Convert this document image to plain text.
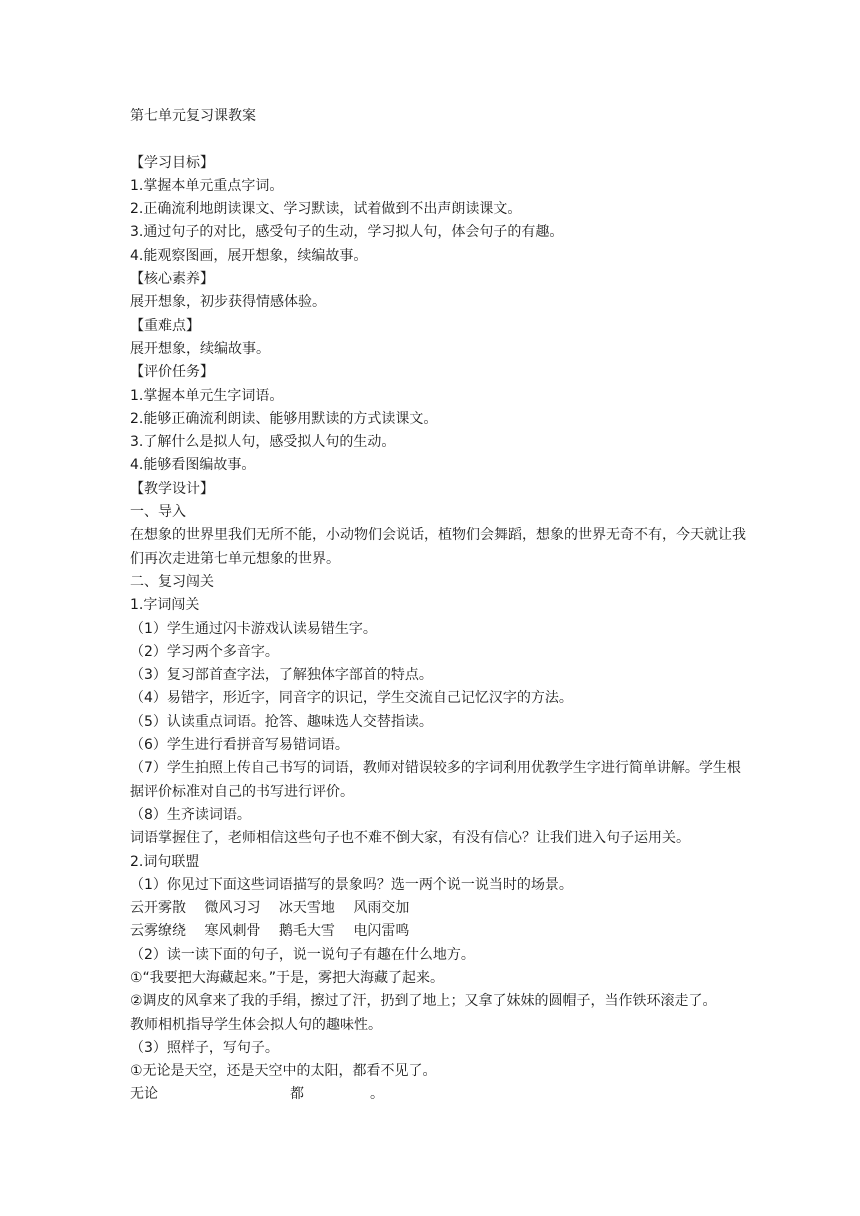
第七单元复习课教案
【学习目标】
1.掌握本单元重点字词。
2.正确流利地朗读课文、学习默读，试着做到不出声朗读课文。
3.通过句子的对比，感受句子的生动，学习拟人句，体会句子的有趣。
4.能观察图画，展开想象，续编故事。
【核心素养】
展开想象，初步获得情感体验。
【重难点】
展开想象，续编故事。
【评价任务】
1.掌握本单元生字词语。
2.能够正确流利朗读、能够用默读的方式读课文。
3.了解什么是拟人句，感受拟人句的生动。
4.能够看图编故事。
【教学设计】
一、导入
在想象的世界里我们无所不能，小动物们会说话，植物们会舞蹈，想象的世界无奇不有，今天就让我们再次走进第七单元想象的世界。
二、复习闯关
1.字词闯关
（1）学生通过闪卡游戏认读易错生字。
（2）学习两个多音字。
（3）复习部首查字法，了解独体字部首的特点。
（4）易错字，形近字，同音字的识记，学生交流自己记忆汉字的方法。
（5）认读重点词语。抢答、趣味选人交替指读。
（6）学生进行看拼音写易错词语。
（7）学生拍照上传自己书写的词语，教师对错误较多的字词利用优教学生字进行简单讲解。学生根据评价标准对自己的书写进行评价。
（8）生齐读词语。
词语掌握住了，老师相信这些句子也不难不倒大家，有没有信心？让我们进入句子运用关。
2.词句联盟
（1）你见过下面这些词语描写的景象吗？选一两个说一说当时的场景。
云开雾散　 微风习习　 冰天雪地　 风雨交加
云雾缭绕　 寒风刺骨　 鹅毛大雪　 电闪雷鸣
（2）读一读下面的句子，说一说句子有趣在什么地方。
①“我要把大海藏起来。”于是，雾把大海藏了起来。
②调皮的风拿来了我的手绢，擦过了汗，扔到了地上；又拿了妹妹的圆帽子，当作铁环滚走了。
教师相机指导学生体会拟人句的趣味性。
（3）照样子，写句子。
①无论是天空，还是天空中的太阳，都看不见了。
无论	都	。
